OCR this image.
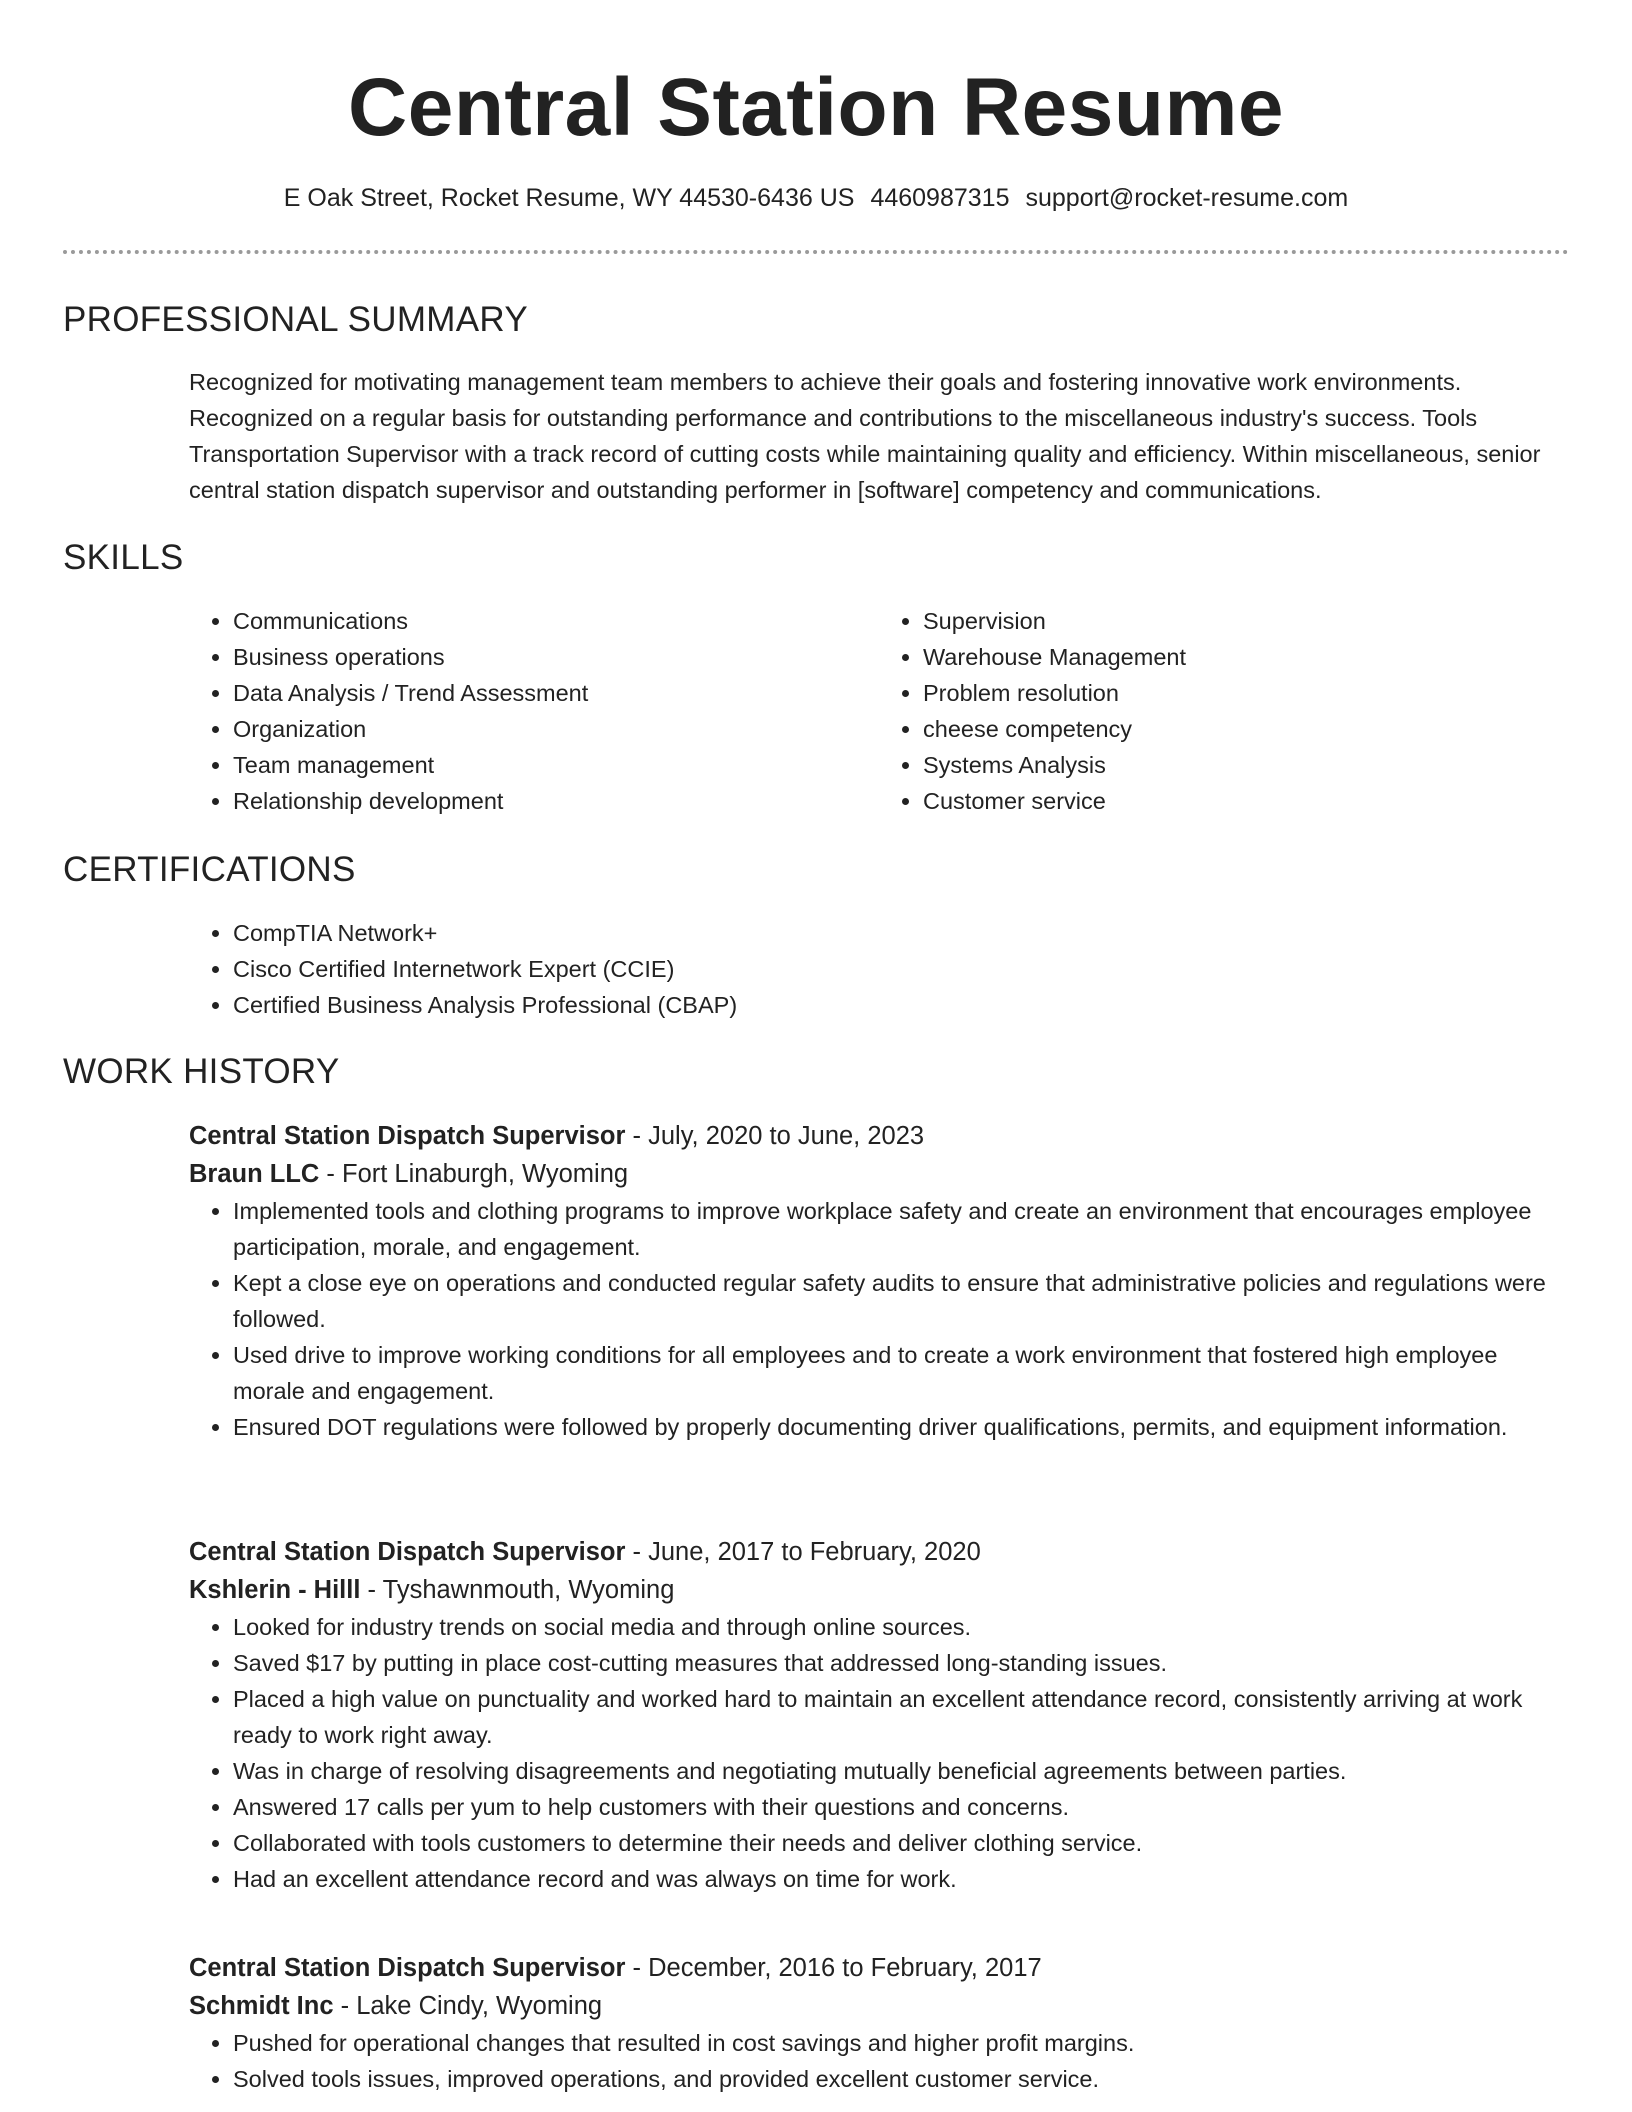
Central Station Resume
E Oak Street, Rocket Resume, WY 44530-6436 US 4460987315 support@rocket-resume.com
PROFESSIONAL SUMMARY

Recognized for motivating management team members to achieve their goals and fostering innovative work environments. Recognized on a regular basis for outstanding performance and contributions to the miscellaneous industry's success. Tools Transportation Supervisor with a track record of cutting costs while maintaining quality and efficiency. Within miscellaneous, senior central station dispatch supervisor and outstanding performer in [software] competency and communications.

SKILLS
• Communications
• Business operations
• Data Analysis / Trend Assessment
• Organization
• Team management
• Relationship development
• Supervision
• Warehouse Management
• Problem resolution
• cheese competency
• Systems Analysis
• Customer service
CERTIFICATIONS
• CompTIA Network+
• Cisco Certified Internetwork Expert (CCIE)
• Certified Business Analysis Professional (CBAP)
WORK HISTORY

Central Station Dispatch Supervisor - July, 2020 to June, 2023

Braun LLC - Fort Linaburgh, Wyoming

• Implemented tools and clothing programs to improve workplace safety and create an environment that encourages employee participation, morale, and engagement.
• Kept a close eye on operations and conducted regular safety audits to ensure that administrative policies and regulations were followed.
• Used drive to improve working conditions for all employees and to create a work environment that fostered high employee morale and engagement.
• Ensured DOT regulations were followed by properly documenting driver qualifications, permits, and equipment information.

Central Station Dispatch Supervisor - June, 2017 to February, 2020

Kshlerin - Hilll - Tyshawnmouth, Wyoming

• Looked for industry trends on social media and through online sources.
• Saved $17 by putting in place cost-cutting measures that addressed long-standing issues.
• Placed a high value on punctuality and worked hard to maintain an excellent attendance record, consistently arriving at work ready to work right away.
• Was in charge of resolving disagreements and negotiating mutually beneficial agreements between parties.
• Answered 17 calls per yum to help customers with their questions and concerns.
• Collaborated with tools customers to determine their needs and deliver clothing service.
• Had an excellent attendance record and was always on time for work.

Central Station Dispatch Supervisor - December, 2016 to February, 2017

Schmidt Inc - Lake Cindy, Wyoming

• Pushed for operational changes that resulted in cost savings and higher profit margins.
• Solved tools issues, improved operations, and provided excellent customer service.
